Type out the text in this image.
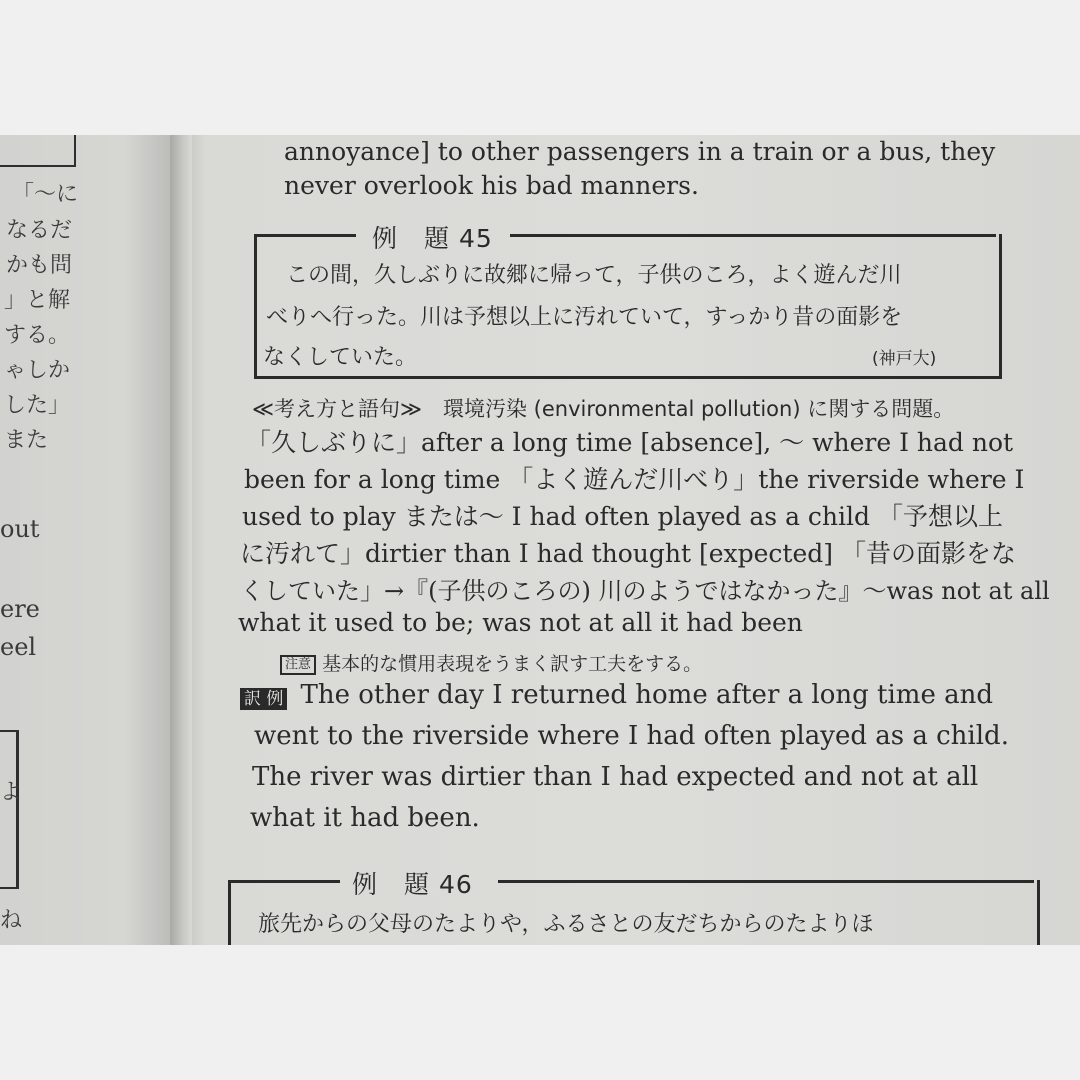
「～に
なるだ
かも問
」と解
する。
ゃしか
した」
また
out
ere
eel
よ
ね
annoyance] to other passengers in a train or a bus, they
never overlook his bad manners.
例　題 45
この間，久しぶりに故郷に帰って，子供のころ，よく遊んだ川
べりへ行った。川は予想以上に汚れていて，すっかり昔の面影を
なくしていた。	(神戸大)
≪考え方と語句≫　環境汚染 (environmental pollution) に関する問題。
「久しぶりに」after a long time [absence], ～ where I had not
been for a long time 「よく遊んだ川べり」the riverside where I
used to play または～ I had often played as a child 「予想以上
に汚れて」dirtier than I had thought [expected] 「昔の面影をな
くしていた」→『(子供のころの) 川のようではなかった』～was not at all
what it used to be; was not at all it had been
注意 基本的な慣用表現をうまく訳す工夫をする。
訳 例 The other day I returned home after a long time and
went to the riverside where I had often played as a child.
The river was dirtier than I had expected and not at all
what it had been.
例　題 46
旅先からの父母のたよりや，ふるさとの友だちからのたよりほ
